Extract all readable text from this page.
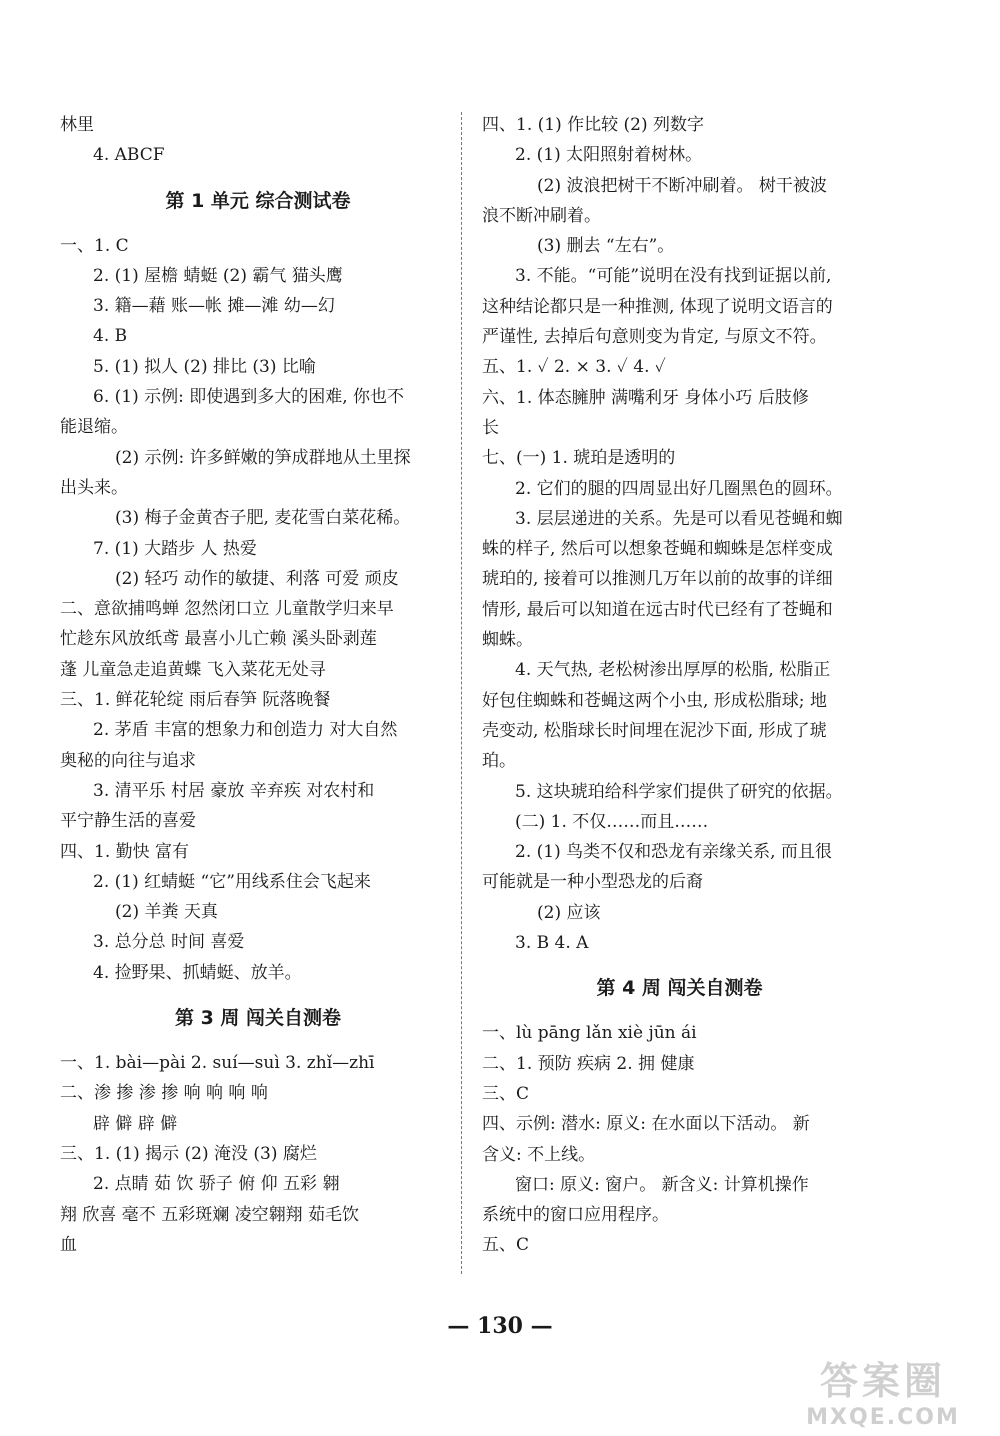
林里
4. ABCF
第 1 单元 综合测试卷
一、1. C
2. (1) 屋檐 蜻蜓 (2) 霸气 猫头鹰
3. 籍—藉 账—帐 摊—滩 幼—幻
4. B
5. (1) 拟人 (2) 排比 (3) 比喻
6. (1) 示例: 即使遇到多大的困难, 你也不
能退缩。
(2) 示例: 许多鲜嫩的笋成群地从土里探
出头来。
(3) 梅子金黄杏子肥, 麦花雪白菜花稀。
7. (1) 大踏步 人 热爱
(2) 轻巧 动作的敏捷、利落 可爱 顽皮
二、意欲捕鸣蝉 忽然闭口立 儿童散学归来早
忙趁东风放纸鸢 最喜小儿亡赖 溪头卧剥莲
蓬 儿童急走追黄蝶 飞入菜花无处寻
三、1. 鲜花轮绽 雨后春笋 阮落晚餐
2. 茅盾 丰富的想象力和创造力 对大自然
奥秘的向往与追求
3. 清平乐 村居 豪放 辛弃疾 对农村和
平宁静生活的喜爱
四、1. 勤快 富有
2. (1) 红蜻蜓 “它”用线系住会飞起来
(2) 羊粪 天真
3. 总分总 时间 喜爱
4. 捡野果、抓蜻蜓、放羊。
第 3 周 闯关自测卷
一、1. bài—pài 2. suí—suì 3. zhǐ—zhī
二、渗 掺 渗 掺 响 响 响 响
辟 僻 辟 僻
三、1. (1) 揭示 (2) 淹没 (3) 腐烂
2. 点睛 茹 饮 骄子 俯 仰 五彩 翱
翔 欣喜 毫不 五彩斑斓 凌空翱翔 茹毛饮
血
四、1. (1) 作比较 (2) 列数字
2. (1) 太阳照射着树林。
(2) 波浪把树干不断冲刷着。 树干被波
浪不断冲刷着。
(3) 删去 “左右”。
3. 不能。“可能”说明在没有找到证据以前,
这种结论都只是一种推测, 体现了说明文语言的
严谨性, 去掉后句意则变为肯定, 与原文不符。
五、1. ✓ 2. × 3. ✓ 4. ✓
六、1. 体态臃肿 满嘴利牙 身体小巧 后肢修
长
七、(一) 1. 琥珀是透明的
2. 它们的腿的四周显出好几圈黑色的圆环。
3. 层层递进的关系。先是可以看见苍蝇和蜘
蛛的样子, 然后可以想象苍蝇和蜘蛛是怎样变成
琥珀的, 接着可以推测几万年以前的故事的详细
情形, 最后可以知道在远古时代已经有了苍蝇和
蜘蛛。
4. 天气热, 老松树渗出厚厚的松脂, 松脂正
好包住蜘蛛和苍蝇这两个小虫, 形成松脂球; 地
壳变动, 松脂球长时间埋在泥沙下面, 形成了琥
珀。
5. 这块琥珀给科学家们提供了研究的依据。
(二) 1. 不仅……而且……
2. (1) 鸟类不仅和恐龙有亲缘关系, 而且很
可能就是一种小型恐龙的后裔
(2) 应该
3. B 4. A
第 4 周 闯关自测卷
一、lù pāng lǎn xiè jūn ái
二、1. 预防 疾病 2. 拥 健康
三、C
四、示例: 潜水: 原义: 在水面以下活动。 新
含义: 不上线。
窗口: 原义: 窗户。 新含义: 计算机操作
系统中的窗口应用程序。
五、C
— 130 —
答案圈
MXQE.COM
